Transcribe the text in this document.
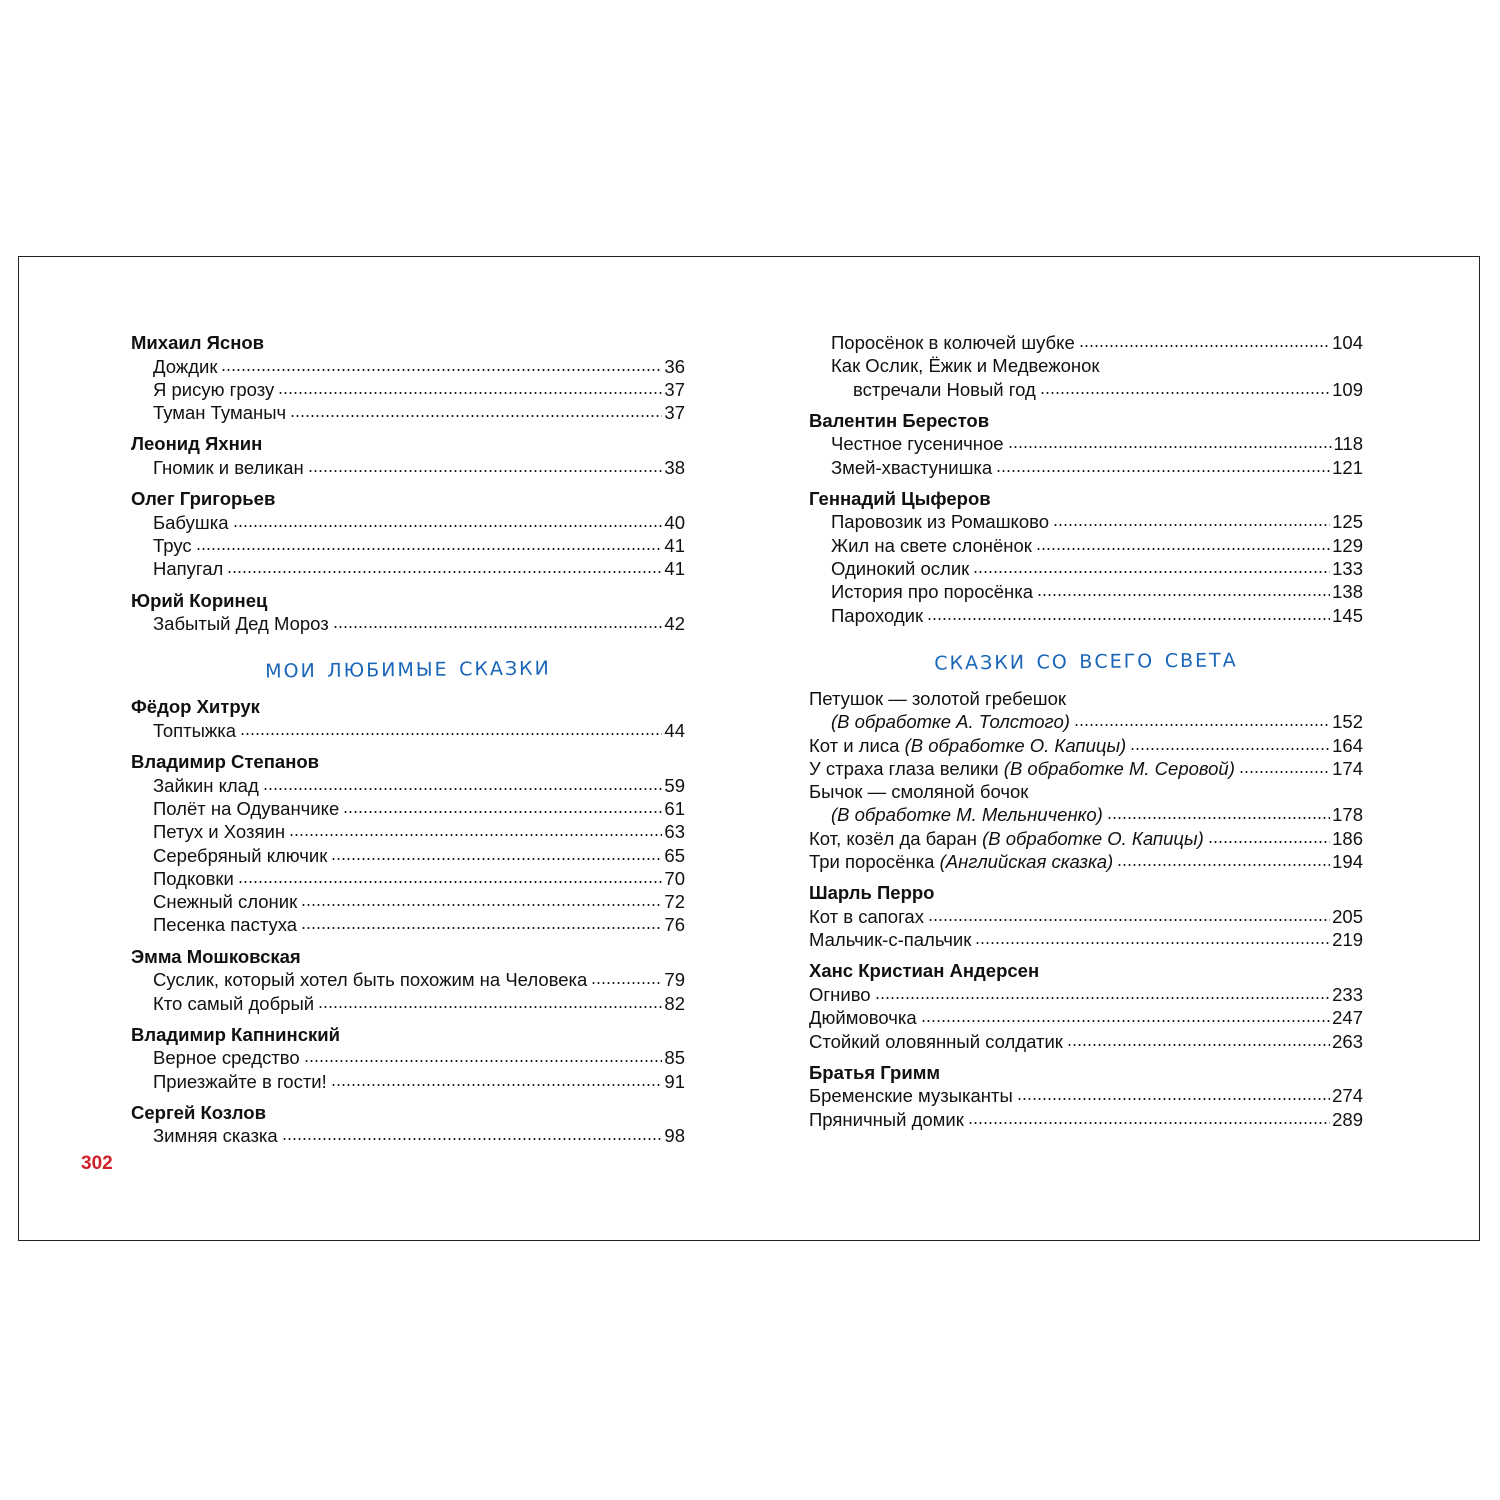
Михаил Яснов
Дождик	36
Я рисую грозу	37
Туман Туманыч	37
Леонид Яхнин
Гномик и великан	38
Олег Григорьев
Бабушка	40
Трус	41
Напугал	41
Юрий Коринец
Забытый Дед Мороз	42
мои любимые сказки
Фёдор Хитрук
Топтыжка	44
Владимир Степанов
Зайкин клад	59
Полёт на Одуванчике	61
Петух и Хозяин	63
Серебряный ключик	65
Подковки	70
Снежный слоник	72
Песенка пастуха	76
Эмма Мошковская
Суслик, который хотел быть похожим на Человека	79
Кто самый добрый	82
Владимир Капнинский
Верное средство	85
Приезжайте в гости!	91
Сергей Козлов
Зимняя сказка	98
Поросёнок в колючей шубке	104
Как Ослик, Ёжик и Медвежонок
встречали Новый год	109
Валентин Берестов
Честное гусеничное	118
Змей-хвастунишка	121
Геннадий Цыферов
Паровозик из Ромашково	125
Жил на свете слонёнок	129
Одинокий ослик	133
История про поросёнка	138
Пароходик	145
сказки со всего света
Петушок — золотой гребешок
(В обработке А. Толстого)	152
Кот и лиса (В обработке О. Капицы)	164
У страха глаза велики (В обработке М. Серовой)	174
Бычок — смоляной бочок
(В обработке М. Мельниченко)	178
Кот, козёл да баран (В обработке О. Капицы)	186
Три поросёнка (Английская сказка)	194
Шарль Перро
Кот в сапогах	205
Мальчик-с-пальчик	219
Ханс Кристиан Андерсен
Огниво	233
Дюймовочка	247
Стойкий оловянный солдатик	263
Братья Гримм
Бременские музыканты	274
Пряничный домик	289
302
